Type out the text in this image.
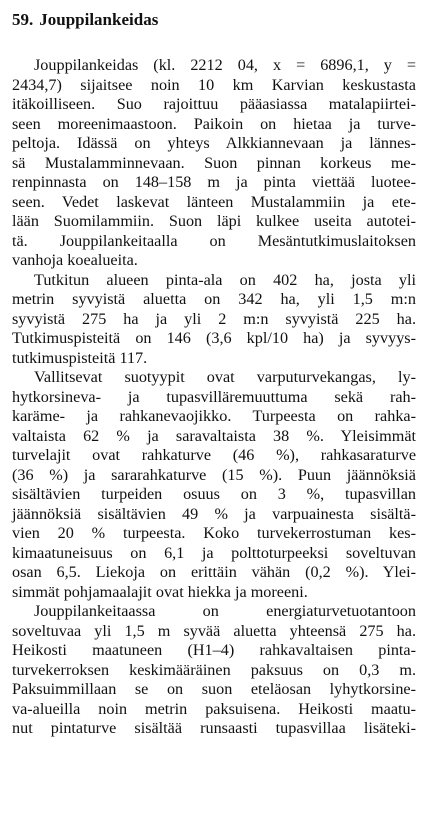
59. Jouppilankeidas
Jouppilankeidas (kl. 2212 04, x = 6896,1, y =
2434,7) sijaitsee noin 10 km Karvian keskustasta
itäkoilliseen. Suo rajoittuu pääasiassa matalapiirtei-
seen moreenimaastoon. Paikoin on hietaa ja turve-
peltoja. Idässä on yhteys Alkkiannevaan ja lännes-
sä Mustalamminnevaan. Suon pinnan korkeus me-
renpinnasta on 148–158 m ja pinta viettää luotee-
seen. Vedet laskevat länteen Mustalammiin ja ete-
lään Suomilammiin. Suon läpi kulkee useita autotei-
tä. Jouppilankeitaalla on Mesäntutkimuslaitoksen
vanhoja koealueita.
Tutkitun alueen pinta-ala on 402 ha, josta yli
metrin syvyistä aluetta on 342 ha, yli 1,5 m:n
syvyistä 275 ha ja yli 2 m:n syvyistä 225 ha.
Tutkimuspisteitä on 146 (3,6 kpl/10 ha) ja syvyys-
tutkimuspisteitä 117.
Vallitsevat suotyypit ovat varputurvekangas, ly-
hytkorsineva- ja tupasvilläremuuttuma sekä rah-
karäme- ja rahkanevaojikko. Turpeesta on rahka-
valtaista 62 % ja saravaltaista 38 %. Yleisimmät
turvelajit ovat rahkaturve (46 %), rahkasaraturve
(36 %) ja sararahkaturve (15 %). Puun jäännöksiä
sisältävien turpeiden osuus on 3 %, tupasvillan
jäännöksiä sisältävien 49 % ja varpuainesta sisältä-
vien 20 % turpeesta. Koko turvekerrostuman kes-
kimaatuneisuus on 6,1 ja polttoturpeeksi soveltuvan
osan 6,5. Liekoja on erittäin vähän (0,2 %). Ylei-
simmät pohjamaalajit ovat hiekka ja moreeni.
Jouppilankeitaassa on energiaturvetuotantoon
soveltuvaa yli 1,5 m syvää aluetta yhteensä 275 ha.
Heikosti maatuneen (H1–4) rahkavaltaisen pinta-
turvekerroksen keskimääräinen paksuus on 0,3 m.
Paksuimmillaan se on suon eteläosan lyhytkorsine-
va-alueilla noin metrin paksuisena. Heikosti maatu-
nut pintaturve sisältää runsaasti tupasvillaa lisäteki-
